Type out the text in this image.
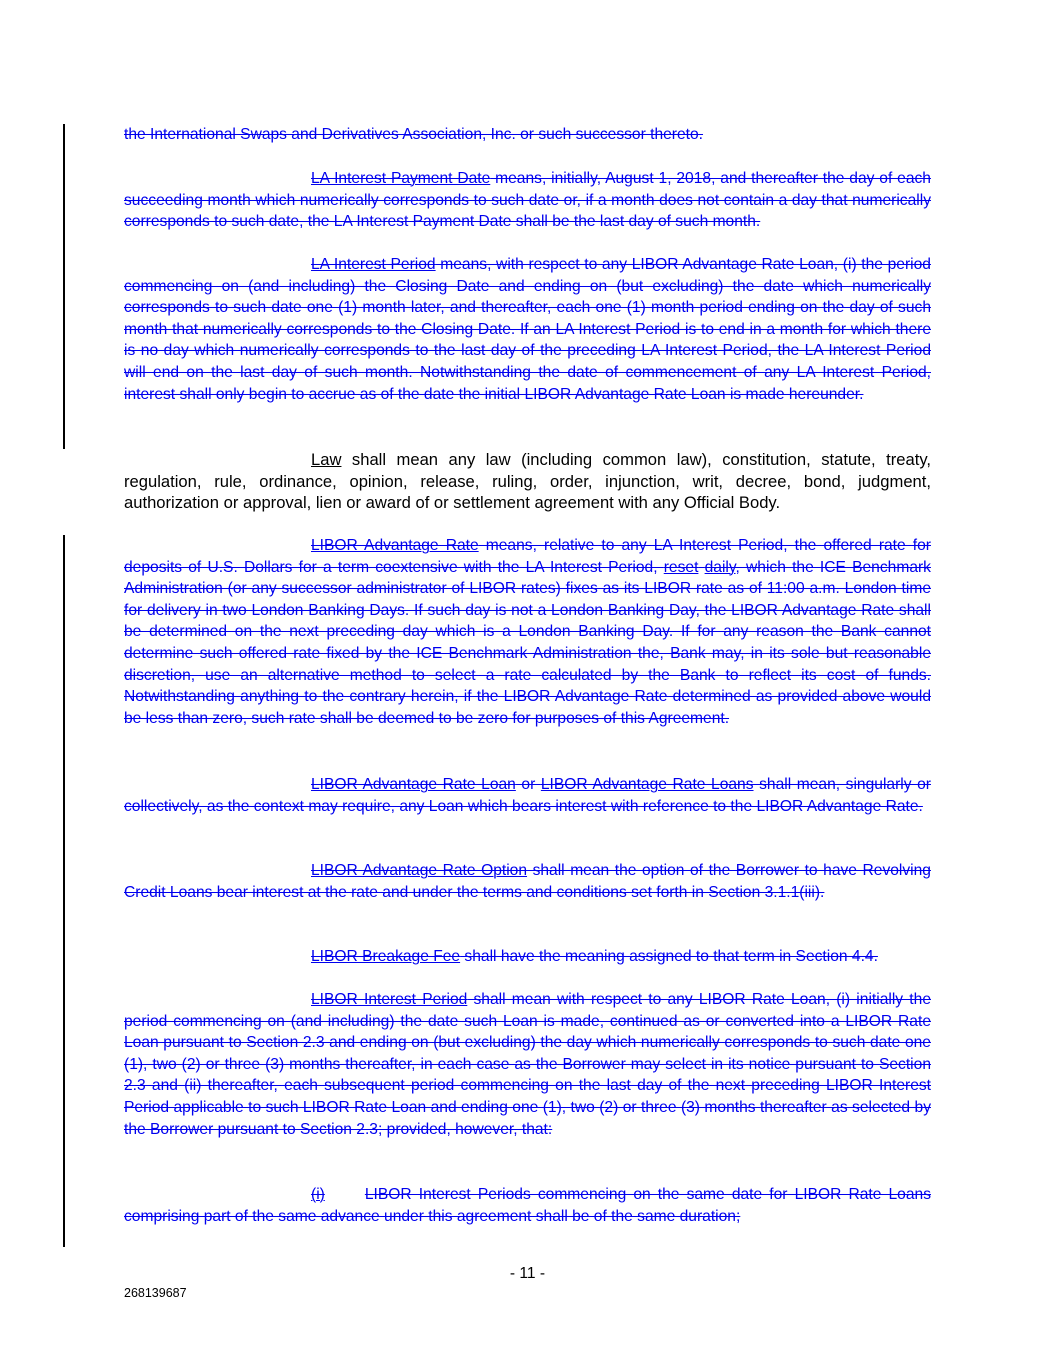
the International Swaps and Derivatives Association, Inc. or such successor thereto.

LA Interest Payment Date means, initially, August 1, 2018, and thereafter the day of each succeeding month which numerically corresponds to such date or, if a month does not contain a day that numerically corresponds to such date, the LA Interest Payment Date shall be the last day of such month.

LA Interest Period means, with respect to any LIBOR Advantage Rate Loan, (i) the period commencing on (and including) the Closing Date and ending on (but excluding) the date which numerically corresponds to such date one (1) month later, and thereafter, each one (1) month period ending on the day of such month that numerically corresponds to the Closing Date. If an LA Interest Period is to end in a month for which there is no day which numerically corresponds to the last day of the preceding LA Interest Period, the LA Interest Period will end on the last day of such month. Notwithstanding the date of commencement of any LA Interest Period, interest shall only begin to accrue as of the date the initial LIBOR Advantage Rate Loan is made hereunder.

Law shall mean any law (including common law), constitution, statute, treaty, regulation, rule, ordinance, opinion, release, ruling, order, injunction, writ, decree, bond, judgment, authorization or approval, lien or award of or settlement agreement with any Official Body.

LIBOR Advantage Rate means, relative to any LA Interest Period, the offered rate for deposits of U.S. Dollars for a term coextensive with the LA Interest Period, reset daily, which the ICE Benchmark Administration (or any successor administrator of LIBOR rates) fixes as its LIBOR rate as of 11:00 a.m. London time for delivery in two London Banking Days. If such day is not a London Banking Day, the LIBOR Advantage Rate shall be determined on the next preceding day which is a London Banking Day. If for any reason the Bank cannot determine such offered rate fixed by the ICE Benchmark Administration the, Bank may, in its sole but reasonable discretion, use an alternative method to select a rate calculated by the Bank to reflect its cost of funds. Notwithstanding anything to the contrary herein, if the LIBOR Advantage Rate determined as provided above would be less than zero, such rate shall be deemed to be zero for purposes of this Agreement.

LIBOR Advantage Rate Loan or LIBOR Advantage Rate Loans shall mean, singularly or collectively, as the context may require, any Loan which bears interest with reference to the LIBOR Advantage Rate.

LIBOR Advantage Rate Option shall mean the option of the Borrower to have Revolving Credit Loans bear interest at the rate and under the terms and conditions set forth in Section 3.1.1(iii).

LIBOR Breakage Fee shall have the meaning assigned to that term in Section 4.4.

LIBOR Interest Period shall mean with respect to any LIBOR Rate Loan, (i) initially the period commencing on (and including) the date such Loan is made, continued as or converted into a LIBOR Rate Loan pursuant to Section 2.3 and ending on (but excluding) the day which numerically corresponds to such date one (1), two (2) or three (3) months thereafter, in each case as the Borrower may select in its notice pursuant to Section 2.3 and (ii) thereafter, each subsequent period commencing on the last day of the next preceding LIBOR Interest Period applicable to such LIBOR Rate Loan and ending one (1), two (2) or three (3) months thereafter as selected by the Borrower pursuant to Section 2.3; provided, however, that:

(i)	LIBOR Interest Periods commencing on the same date for LIBOR Rate Loans comprising part of the same advance under this agreement shall be of the same duration;

- 11 -
268139687
